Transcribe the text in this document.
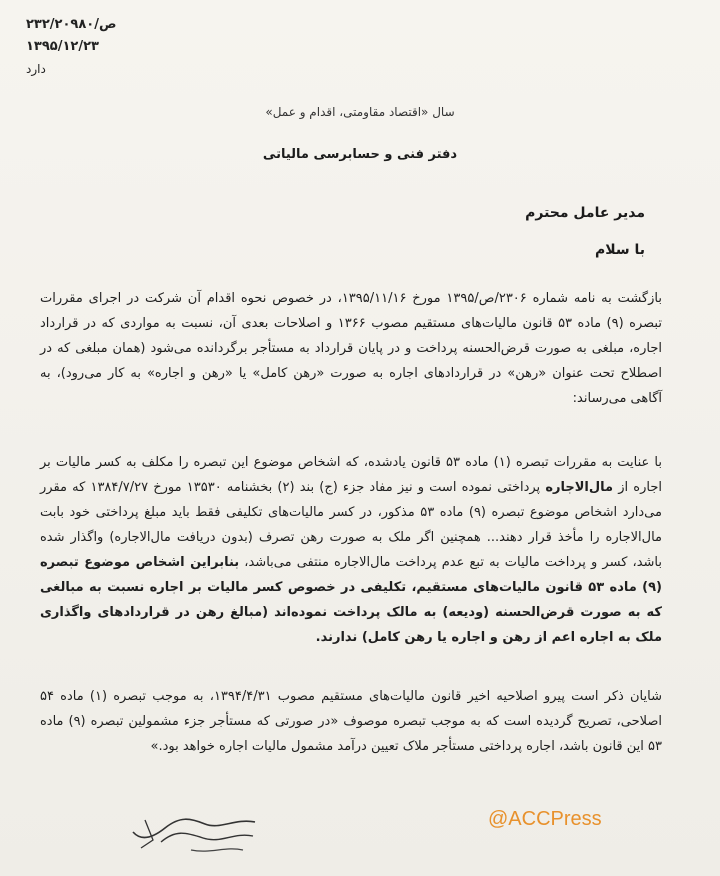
۲۳۲/۲۰۹۸۰/ص
۱۳۹۵/۱۲/۲۳
دارد
سال «اقتصاد مقاومتی، اقدام و عمل»
دفتر فنی و حسابرسی مالیاتی
مدیر عامل محترم
با سلام
بازگشت به نامه شماره ۲۳۰۶/ص/۱۳۹۵ مورخ ۱۳۹۵/۱۱/۱۶، در خصوص نحوه اقدام آن شرکت در اجرای مقررات تبصره (۹) ماده ۵۳ قانون مالیات‌های مستقیم مصوب ۱۳۶۶ و اصلاحات بعدی آن، نسبت به مواردی که در قرارداد اجاره، مبلغی به صورت قرض‌الحسنه پرداخت و در پایان قرارداد به مستأجر برگردانده می‌شود (همان مبلغی که در اصطلاح تحت عنوان «رهن» در قراردادهای اجاره به صورت «رهن کامل» یا «رهن و اجاره» به کار می‌رود)، به آگاهی می‌رساند:
با عنایت به مقررات تبصره (۱) ماده ۵۳ قانون یادشده، که اشخاص موضوع این تبصره را مکلف به کسر مالیات بر اجاره از مال‌الاجاره پرداختی نموده است و نیز مفاد جزء (ج) بند (۲) بخشنامه ۱۳۵۳۰ مورخ ۱۳۸۴/۷/۲۷ که مقرر می‌دارد اشخاص موضوع تبصره (۹) ماده ۵۳ مذکور، در کسر مالیات‌های تکلیفی فقط باید مبلغ پرداختی خود بابت مال‌الاجاره را مأخذ قرار دهند... همچنین اگر ملک به صورت رهن تصرف (بدون دریافت مال‌الاجاره) واگذار شده باشد، کسر و پرداخت مالیات به تبع عدم پرداخت مال‌الاجاره منتفی می‌باشد، بنابراین اشخاص موضوع تبصره (۹) ماده ۵۳ قانون مالیات‌های مستقیم، تکلیفی در خصوص کسر مالیات بر اجاره نسبت به مبالغی که به صورت قرض‌الحسنه (ودیعه) به مالک پرداخت نموده‌اند (مبالغ رهن در قراردادهای واگذاری ملک به اجاره اعم از رهن و اجاره یا رهن کامل) ندارند.
شایان ذکر است پیرو اصلاحیه اخیر قانون مالیات‌های مستقیم مصوب ۱۳۹۴/۴/۳۱، به موجب تبصره (۱) ماده ۵۴ اصلاحی، تصریح گردیده است که به موجب تبصره موصوف «در صورتی که مستأجر جزء مشمولین تبصره (۹) ماده ۵۳ این قانون باشد، اجاره پرداختی مستأجر ملاک تعیین درآمد مشمول مالیات اجاره خواهد بود.»
@ACCPress
